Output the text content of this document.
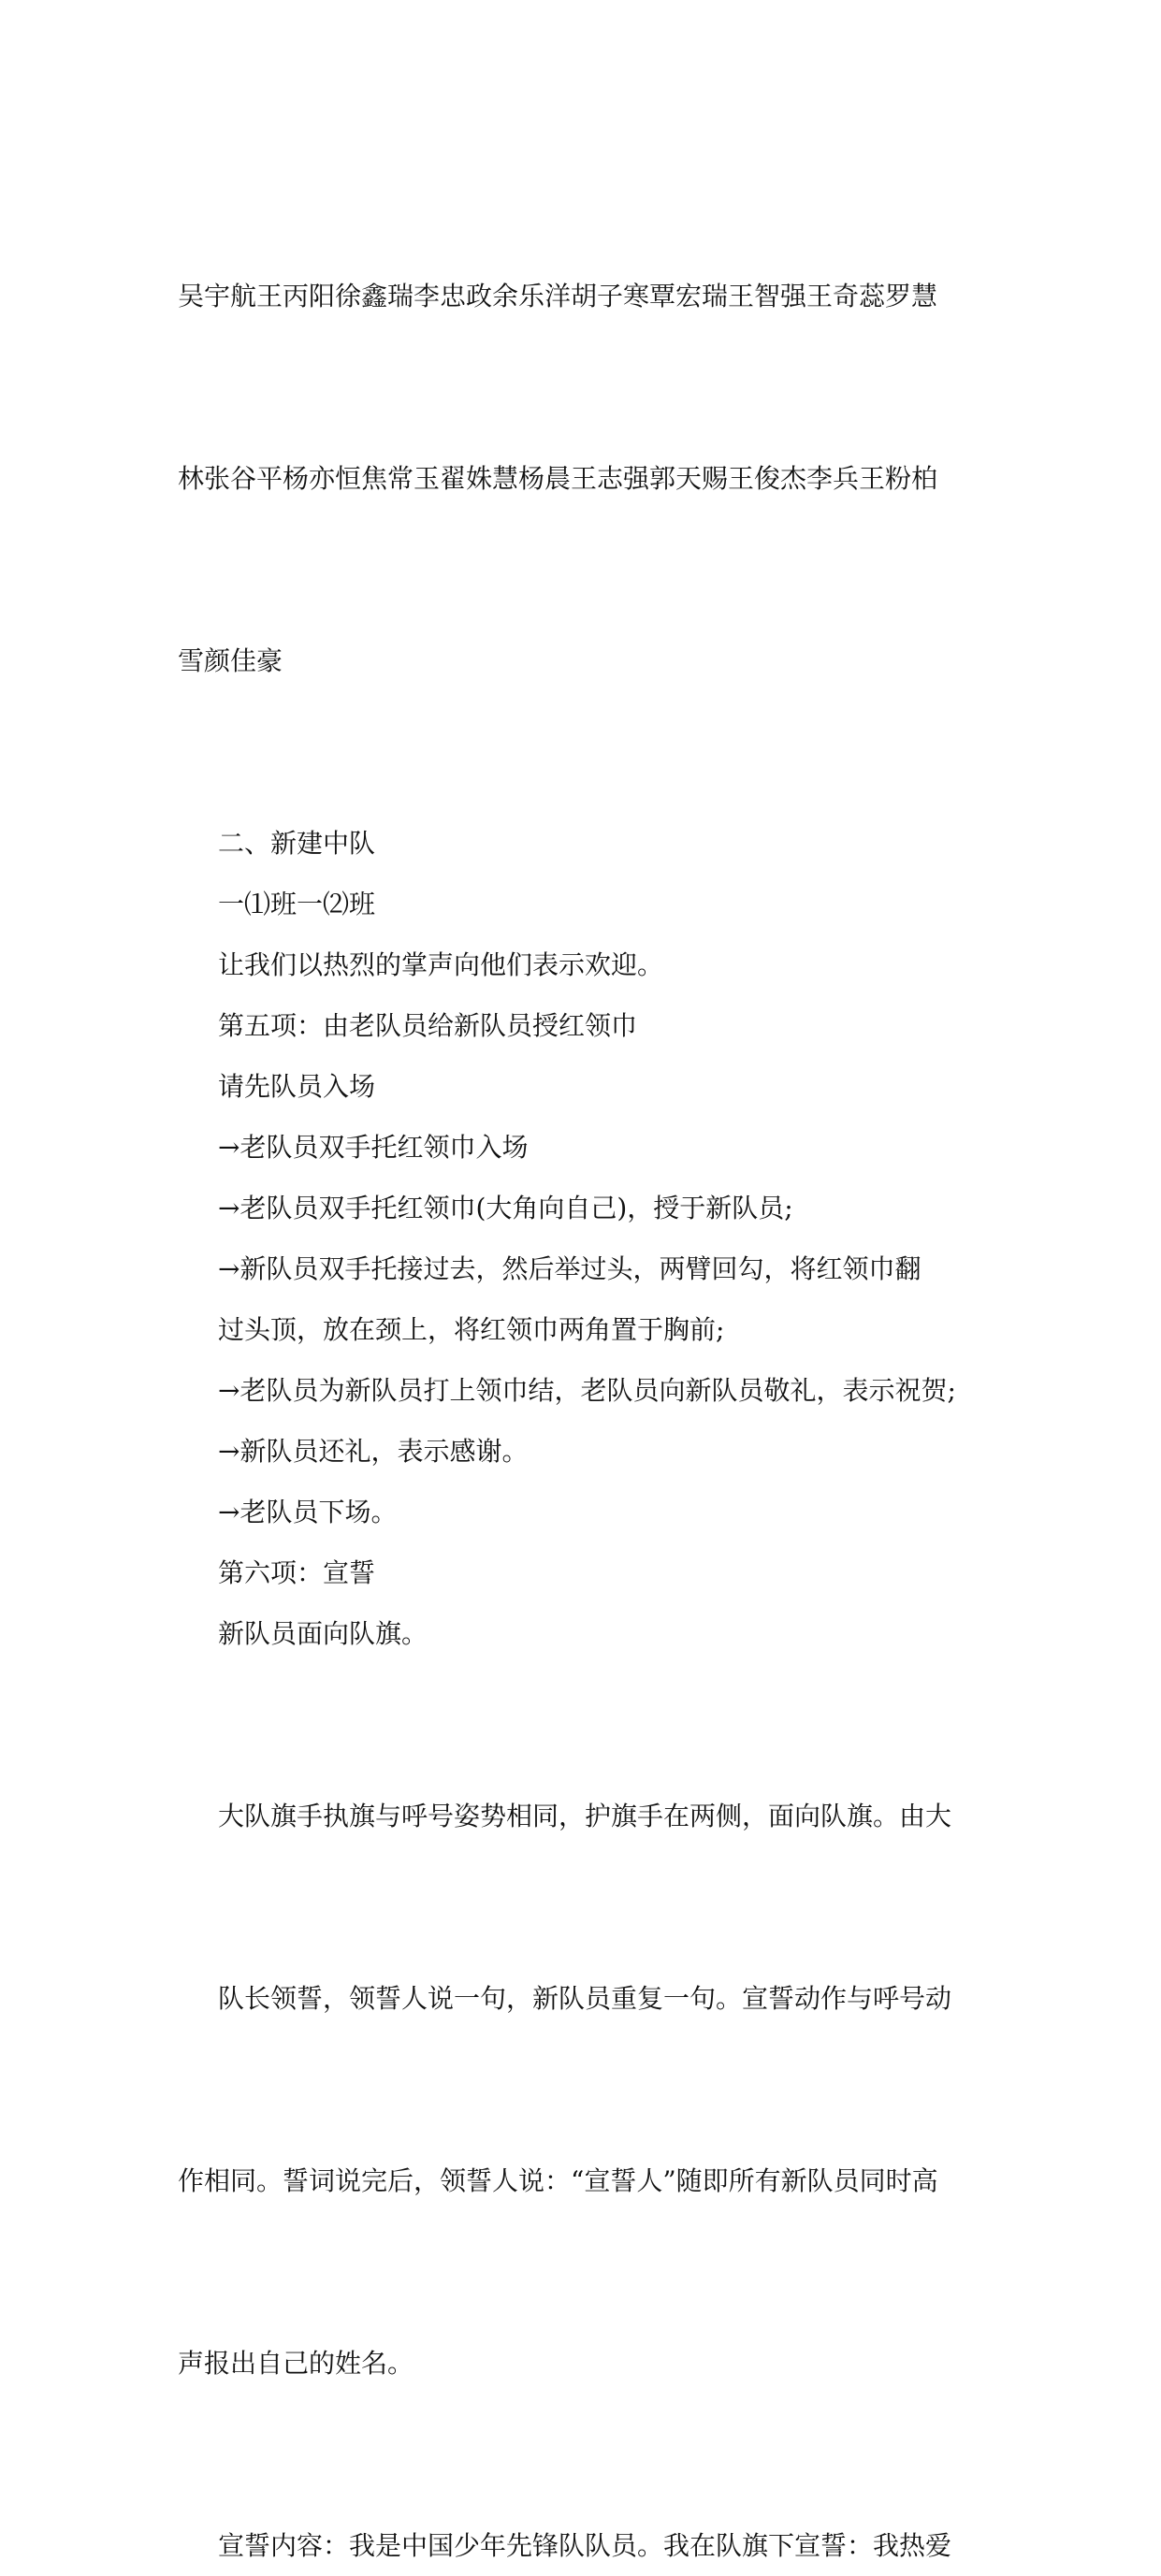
吴宇航王丙阳徐鑫瑞李忠政余乐洋胡子寒覃宏瑞王智强王奇蕊罗慧

林张谷平杨亦恒焦常玉翟姝慧杨晨王志强郭天赐王俊杰李兵王粉柏

雪颜佳豪

二、新建中队

一⑴班一⑵班

让我们以热烈的掌声向他们表示欢迎。

第五项：由老队员给新队员授红领巾

请先队员入场

→老队员双手托红领巾入场

→老队员双手托红领巾(大角向自己)，授于新队员;

→新队员双手托接过去，然后举过头，两臂回勾，将红领巾翻

过头顶，放在颈上，将红领巾两角置于胸前;

→老队员为新队员打上领巾结，老队员向新队员敬礼，表示祝贺;

→新队员还礼，表示感谢。

→老队员下场。

第六项：宣誓

新队员面向队旗。

大队旗手执旗与呼号姿势相同，护旗手在两侧，面向队旗。由大

队长领誓，领誓人说一句，新队员重复一句。宣誓动作与呼号动

作相同。誓词说完后，领誓人说：“宣誓人”随即所有新队员同时高

声报出自己的姓名。

宣誓内容：我是中国少年先锋队队员。我在队旗下宣誓：我热爱
